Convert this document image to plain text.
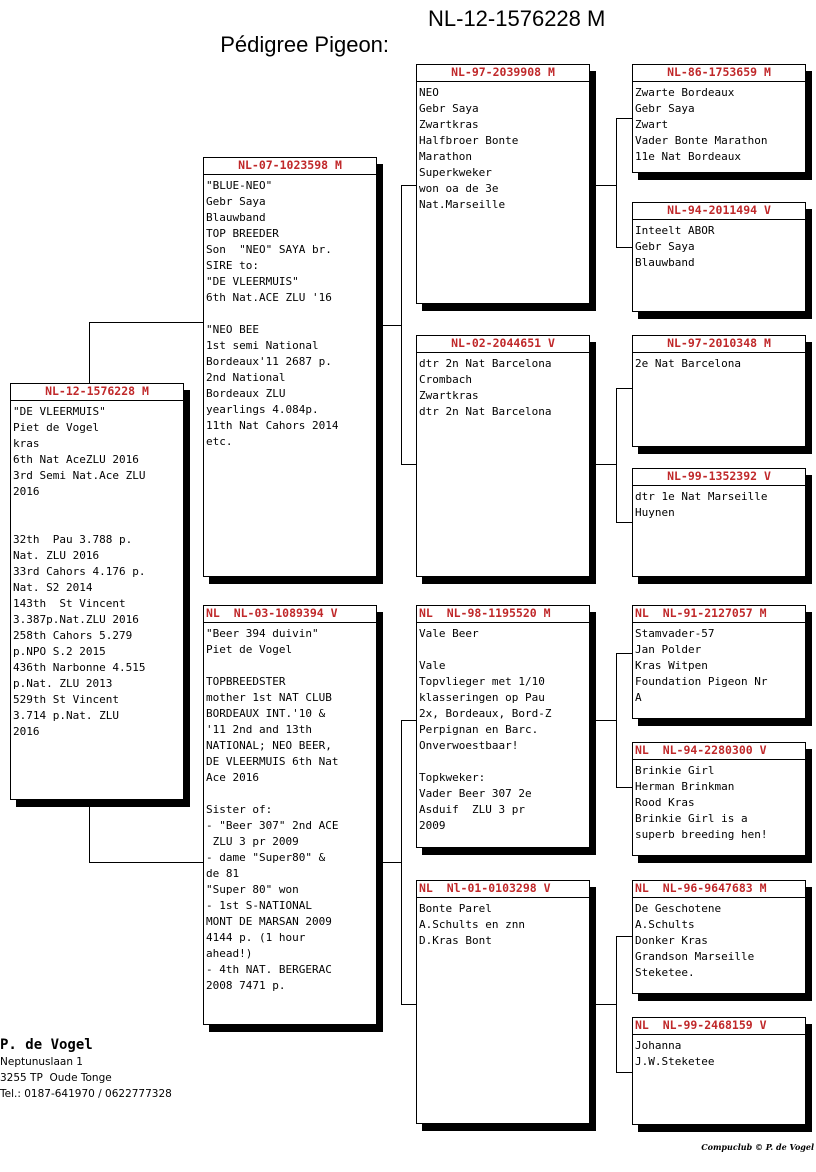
Pédigree Pigeon:

NL-12-1576228 M

NL-12-1576228 M
"DE VLEERMUIS"
Piet de Vogel
kras
6th Nat AceZLU 2016
3rd Semi Nat.Ace ZLU
2016

32th  Pau 3.788 p.
Nat. ZLU 2016
33rd Cahors 4.176 p.
Nat. S2 2014
143th  St Vincent
3.387p.Nat.ZLU 2016
258th Cahors 5.279
p.NPO S.2 2015
436th Narbonne 4.515
p.Nat. ZLU 2013
529th St Vincent
3.714 p.Nat. ZLU
2016
NL-07-1023598 M
"BLUE-NEO"
Gebr Saya
Blauwband
TOP BREEDER
Son  "NEO" SAYA br.
SIRE to:
"DE VLEERMUIS"
6th Nat.ACE ZLU '16

"NEO BEE
1st semi National
Bordeaux'11 2687 p.
2nd National
Bordeaux ZLU
yearlings 4.084p.
11th Nat Cahors 2014
etc.
NL  NL-03-1089394 V
"Beer 394 duivin"
Piet de Vogel

TOPBREEDSTER
mother 1st NAT CLUB
BORDEAUX INT.'10 &
'11 2nd and 13th
NATIONAL; NEO BEER,
DE VLEERMUIS 6th Nat
Ace 2016

Sister of:
- "Beer 307" 2nd ACE
ZLU 3 pr 2009
- dame "Super80" &
de 81
"Super 80" won
- 1st S-NATIONAL
MONT DE MARSAN 2009
4144 p. (1 hour
ahead!)
- 4th NAT. BERGERAC
2008 7471 p.
NL-97-2039908 M
NEO
Gebr Saya
Zwartkras
Halfbroer Bonte
Marathon
Superkweker
won oa de 3e
Nat.Marseille
NL-02-2044651 V
dtr 2n Nat Barcelona
Crombach
Zwartkras
dtr 2n Nat Barcelona
NL  NL-98-1195520 M
Vale Beer

Vale
Topvlieger met 1/10
klasseringen op Pau
2x, Bordeaux, Bord-Z
Perpignan en Barc.
Onverwoestbaar!

Topkweker:
Vader Beer 307 2e
Asduif  ZLU 3 pr
2009
NL  Nl-01-0103298 V
Bonte Parel
A.Schults en znn
D.Kras Bont
NL-86-1753659 M
Zwarte Bordeaux
Gebr Saya
Zwart
Vader Bonte Marathon
11e Nat Bordeaux
NL-94-2011494 V
Inteelt ABOR
Gebr Saya
Blauwband
NL-97-2010348 M
2e Nat Barcelona
NL-99-1352392 V
dtr 1e Nat Marseille
Huynen
NL  NL-91-2127057 M
Stamvader-57
Jan Polder
Kras Witpen
Foundation Pigeon Nr
A
NL  NL-94-2280300 V
Brinkie Girl
Herman Brinkman
Rood Kras
Brinkie Girl is a
superb breeding hen!
NL  NL-96-9647683 M
De Geschotene
A.Schults
Donker Kras
Grandson Marseille
Steketee.
NL  NL-99-2468159 V
Johanna
J.W.Steketee
P. de Vogel
Neptunuslaan 1
3255 TP  Oude Tonge
Tel.: 0187-641970 / 0622777328
Compuclub © P. de Vogel
